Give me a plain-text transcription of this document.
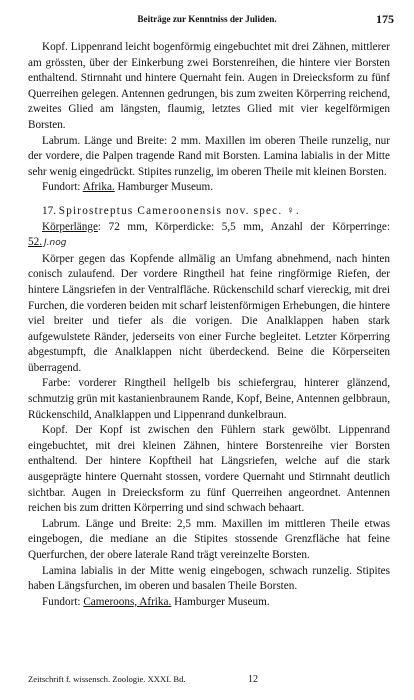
Beiträge zur Kenntniss der Juliden.	175

Kopf. Lippenrand leicht bogenförmig eingebuchtet mit drei Zähnen, mittlerer am grössten, über der Einkerbung zwei Borstenreihen, die hintere vier Borsten enthaltend. Stirnnaht und hintere Quernaht fein. Augen in Dreiecksform zu fünf Querreihen gelegen. Antennen gedrungen, bis zum zweiten Körperring reichend, zweites Glied am längsten, flaumig, letztes Glied mit vier kegelförmigen Borsten.

Labrum. Länge und Breite: 2 mm. Maxillen im oberen Theile runzelig, nur der vordere, die Palpen tragende Rand mit Borsten. Lamina labialis in der Mitte sehr wenig eingedrückt. Stipites runzelig, im oberen Theile mit kleinen Borsten.

Fundort: Afrika. Hamburger Museum.

17. Spirostreptus Cameroonensis nov. spec. ♀.

Körperlänge: 72 mm, Körperdicke: 5,5 mm, Anzahl der Körperringe: 52. J.nog

Körper gegen das Kopfende allmälig an Umfang abnehmend, nach hinten conisch zulaufend. Der vordere Ringtheil hat feine ringförmige Riefen, der hintere Längsriefen in der Ventralfläche. Rückenschild scharf viereckig, mit drei Furchen, die vorderen beiden mit scharf leistenförmigen Erhebungen, die hintere viel breiter und tiefer als die vorigen. Die Analklappen haben stark aufgewulstete Ränder, jederseits von einer Furche begleitet. Letzter Körperring abgestumpft, die Analklappen nicht überdeckend. Beine die Körperseiten überragend.

Farbe: vorderer Ringtheil hellgelb bis schiefergrau, hinterer glänzend, schmutzig grün mit kastanienbraunem Rande, Kopf, Beine, Antennen gelbbraun, Rückenschild, Analklappen und Lippenrand dunkelbraun.

Kopf. Der Kopf ist zwischen den Fühlern stark gewölbt. Lippenrand eingebuchtet, mit drei kleinen Zähnen, hintere Borstenreihe vier Borsten enthaltend. Der hintere Kopftheil hat Längsriefen, welche auf die stark ausgeprägte hintere Quernaht stossen, vordere Quernaht und Stirnnaht deutlich sichtbar. Augen in Dreiecksform zu fünf Querreihen angeordnet. Antennen reichen bis zum dritten Körperring und sind schwach behaart.

Labrum. Länge und Breite: 2,5 mm. Maxillen im mittleren Theile etwas eingebogen, die mediane an die Stipites stossende Grenzfläche hat feine Querfurchen, der obere laterale Rand trägt vereinzelte Borsten.

Lamina labialis in der Mitte wenig eingebogen, schwach runzelig. Stipites haben Längsfurchen, im oberen und basalen Theile Borsten.

Fundort: Cameroons, Afrika. Hamburger Museum.

Zeitschrift f. wissensch. Zoologie. XXXI. Bd.	12
